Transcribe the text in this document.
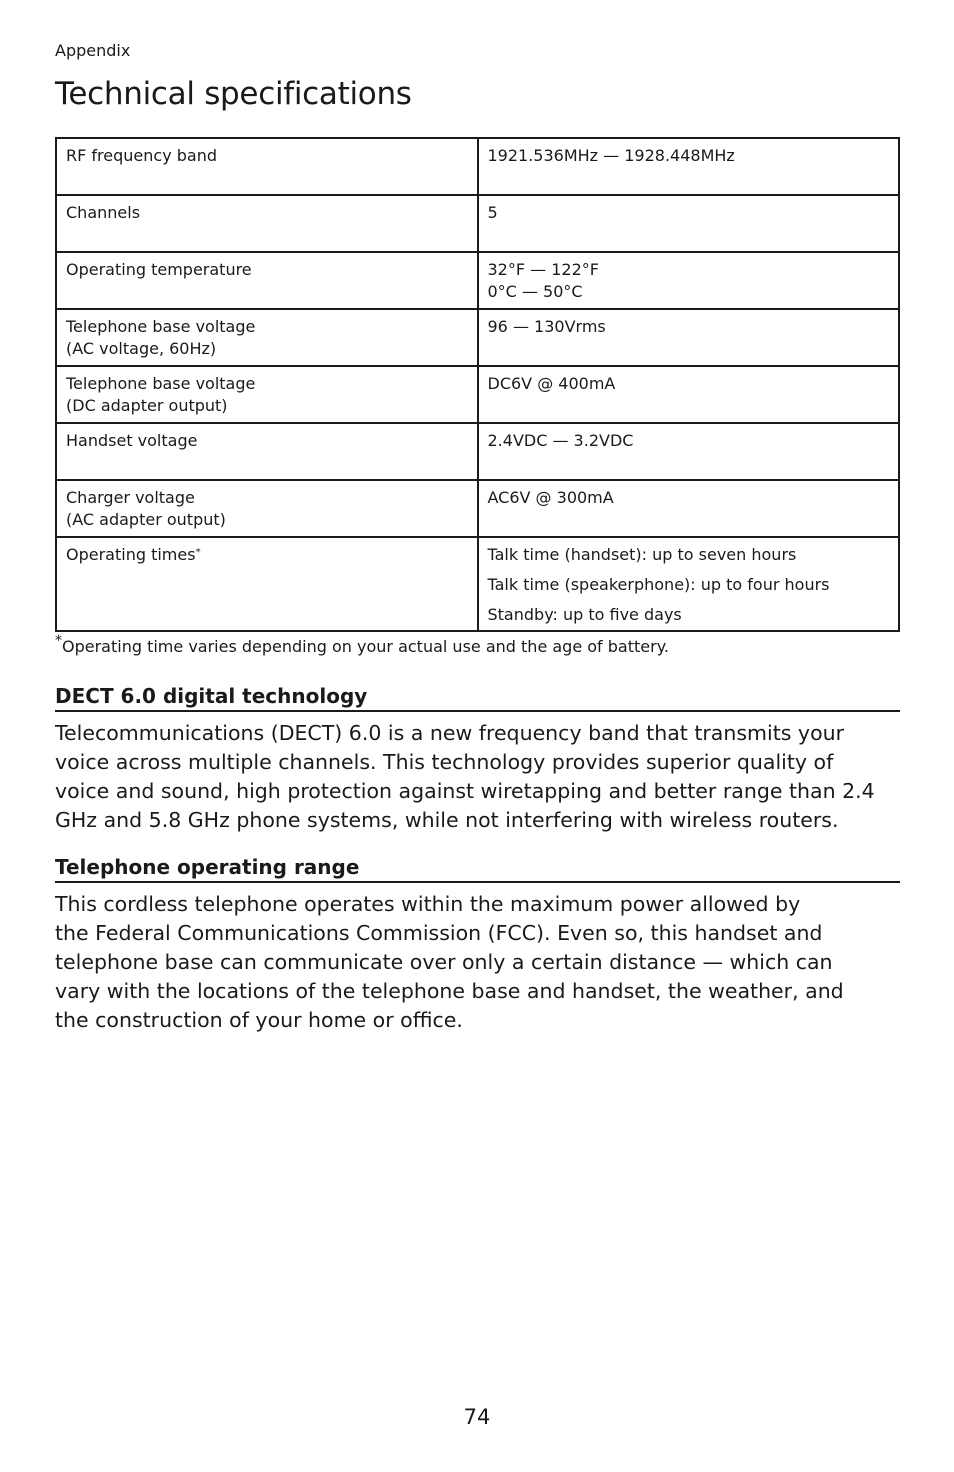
Appendix
Technical specifications
RF frequency band	1921.536MHz — 1928.448MHz

Channels	5

Operating temperature	32°F — 122°F
0°C — 50°C

Telephone base voltage
(AC voltage, 60Hz)	96 — 130Vrms

Telephone base voltage
(DC adapter output)	DC6V @ 400mA

Handset voltage	2.4VDC — 3.2VDC

Charger voltage
(AC adapter output)	AC6V @ 300mA

Operating times*	Talk time (handset): up to seven hours
Talk time (speakerphone): up to four hours
Standby: up to five days
*Operating time varies depending on your actual use and the age of battery.
DECT 6.0 digital technology
Telecommunications (DECT) 6.0 is a new frequency band that transmits your
voice across multiple channels. This technology provides superior quality of
voice and sound, high protection against wiretapping and better range than 2.4
GHz and 5.8 GHz phone systems, while not interfering with wireless routers.
Telephone operating range
This cordless telephone operates within the maximum power allowed by
the Federal Communications Commission (FCC). Even so, this handset and
telephone base can communicate over only a certain distance — which can
vary with the locations of the telephone base and handset, the weather, and
the construction of your home or office.
74
